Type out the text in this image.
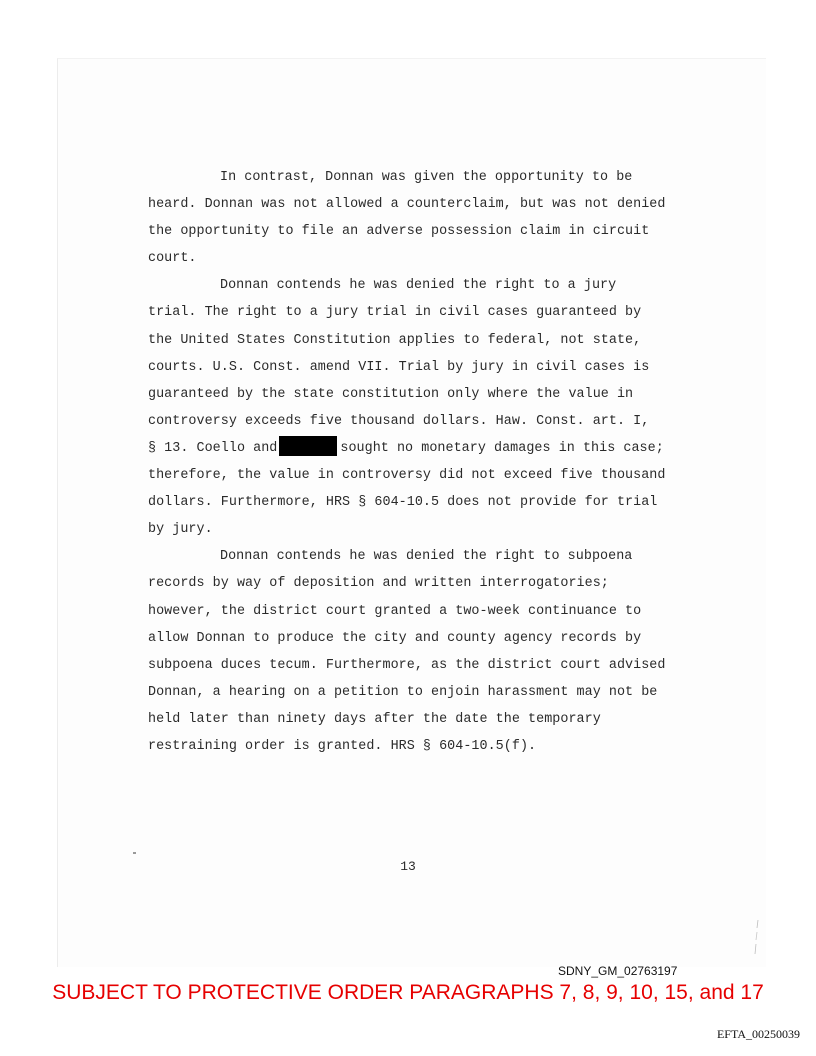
In contrast, Donnan was given the opportunity to be

heard. Donnan was not allowed a counterclaim, but was not denied
the opportunity to file an adverse possession claim in circuit
court.

Donnan contends he was denied the right to a jury

trial. The right to a jury trial in civil cases guaranteed by
the United States Constitution applies to federal, not state,
courts. U.S. Const. amend VII. Trial by jury in civil cases is
guaranteed by the state constitution only where the value in
controversy exceeds five thousand dollars. Haw. Const. art. I,
§ 13. Coello and	sought no monetary damages in this case;
therefore, the value in controversy did not exceed five thousand
dollars. Furthermore, HRS § 604-10.5 does not provide for trial
by jury.

Donnan contends he was denied the right to subpoena

records by way of deposition and written interrogatories;
however, the district court granted a two-week continuance to
allow Donnan to produce the city and county agency records by
subpoena duces tecum. Furthermore, as the district court advised
Donnan, a hearing on a petition to enjoin harassment may not be
held later than ninety days after the date the temporary
restraining order is granted. HRS § 604-10.5(f).
13
SDNY_GM_02763197
SUBJECT TO PROTECTIVE ORDER PARAGRAPHS 7, 8, 9, 10, 15, and 17
EFTA_00250039
